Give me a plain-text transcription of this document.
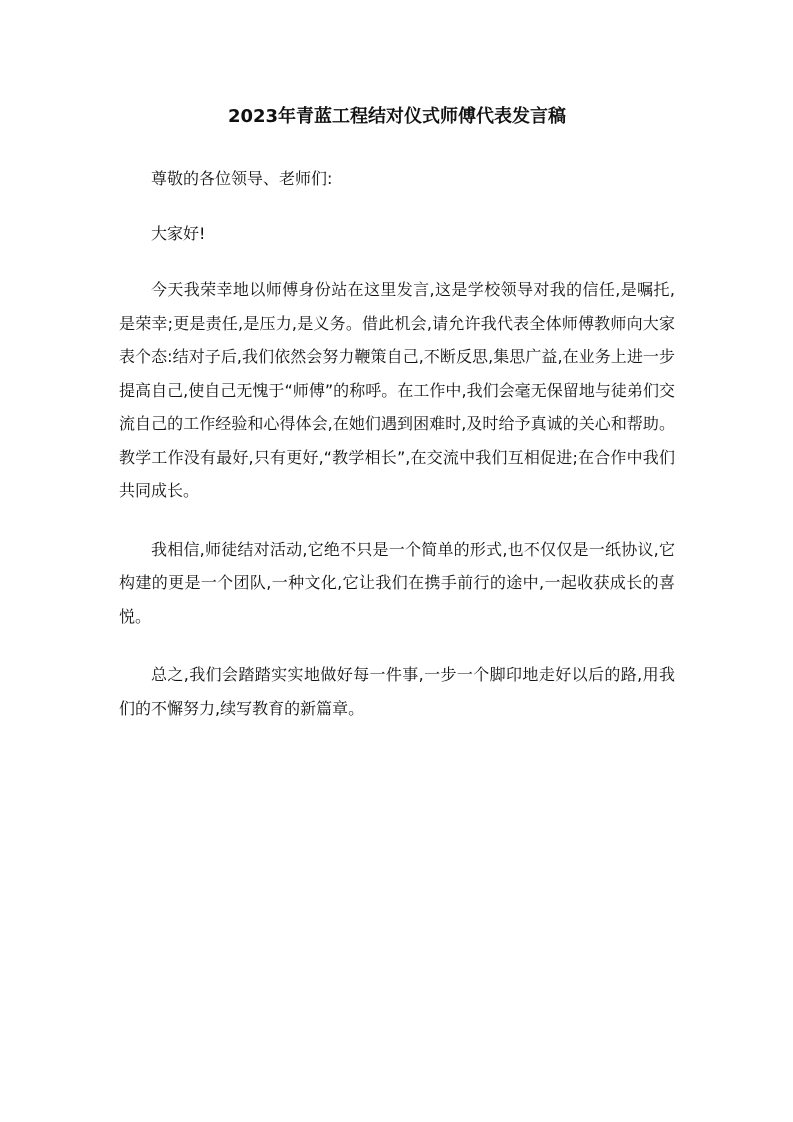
2023年青蓝工程结对仪式师傅代表发言稿

尊敬的各位领导、老师们:

大家好!

今天我荣幸地以师傅身份站在这里发言,这是学校领导对我的信任,是嘱托,是荣幸;更是责任,是压力,是义务。借此机会,请允许我代表全体师傅教师向大家表个态:结对子后,我们依然会努力鞭策自己,不断反思,集思广益,在业务上进一步提高自己,使自己无愧于“师傅”的称呼。在工作中,我们会毫无保留地与徒弟们交流自己的工作经验和心得体会,在她们遇到困难时,及时给予真诚的关心和帮助。教学工作没有最好,只有更好,“教学相长”,在交流中我们互相促进;在合作中我们共同成长。

我相信,师徒结对活动,它绝不只是一个简单的形式,也不仅仅是一纸协议,它构建的更是一个团队,一种文化,它让我们在携手前行的途中,一起收获成长的喜悦。

总之,我们会踏踏实实地做好每一件事,一步一个脚印地走好以后的路,用我们的不懈努力,续写教育的新篇章。
